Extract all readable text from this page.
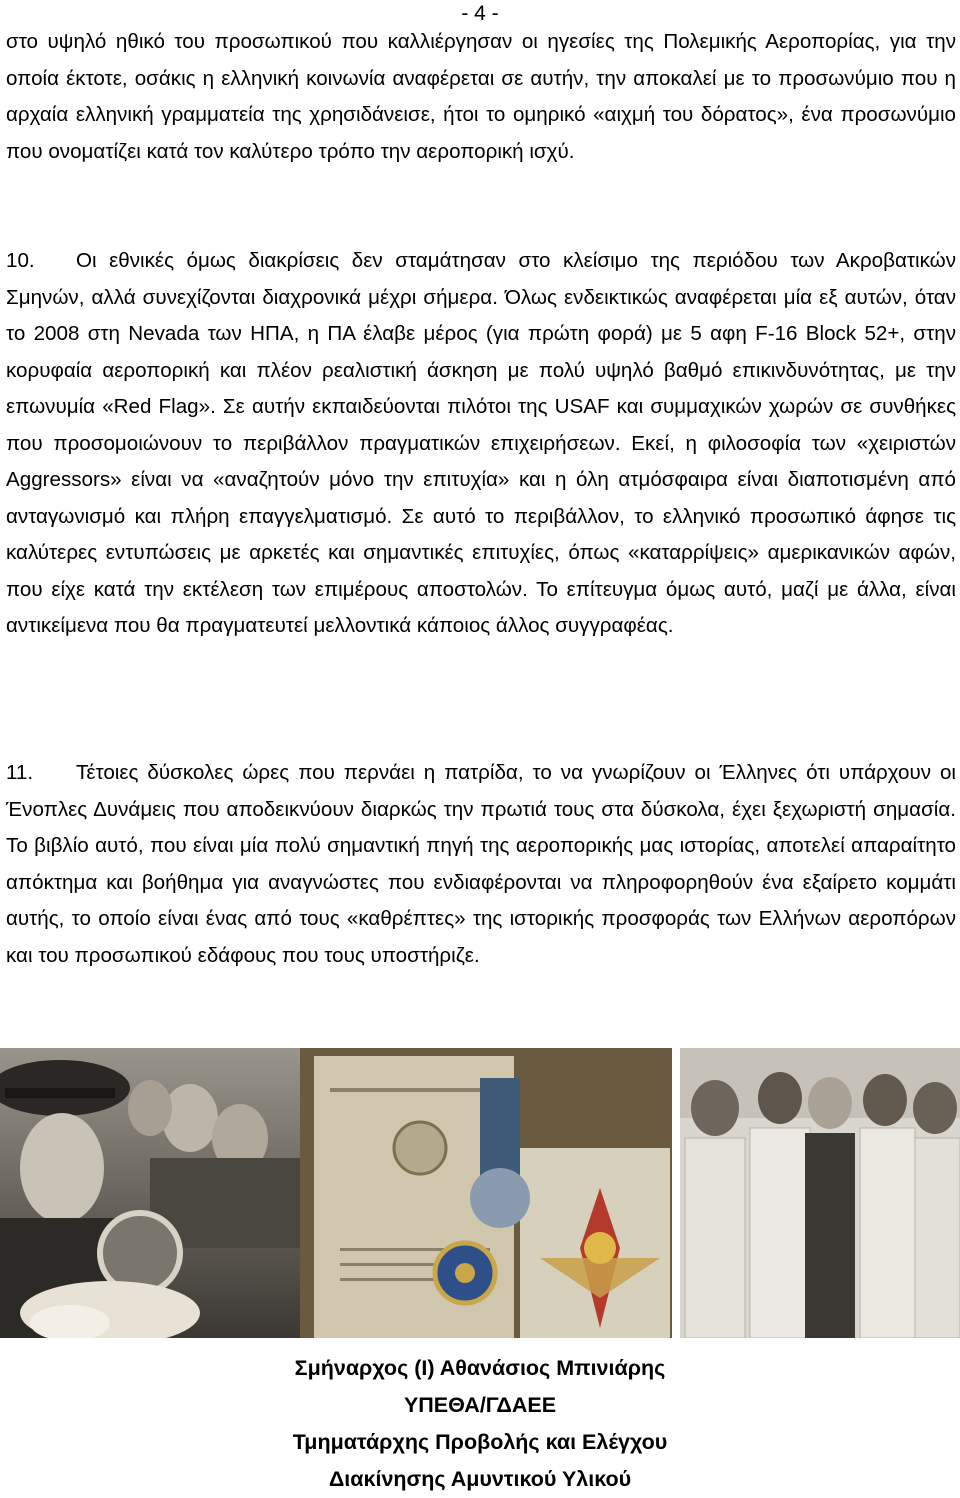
- 4 -

στο υψηλό ηθικό του προσωπικού που καλλιέργησαν οι ηγεσίες της Πολεμικής Αεροπορίας, για την οποία έκτοτε, οσάκις η ελληνική κοινωνία αναφέρεται σε αυτήν, την αποκαλεί με το προσωνύμιο που η αρχαία ελληνική γραμματεία της χρησιδάνεισε, ήτοι το ομηρικό «αιχμή του δόρατος», ένα προσωνύμιο που ονοματίζει κατά τον καλύτερο τρόπο την αεροπορική ισχύ.

10. Οι εθνικές όμως διακρίσεις δεν σταμάτησαν στο κλείσιμο της περιόδου των Ακροβατικών Σμηνών, αλλά συνεχίζονται διαχρονικά μέχρι σήμερα. Όλως ενδεικτικώς αναφέρεται μία εξ αυτών, όταν το 2008 στη Nevada των ΗΠΑ, η ΠΑ έλαβε μέρος (για πρώτη φορά) με 5 αφη F-16 Block 52+, στην κορυφαία αεροπορική και πλέον ρεαλιστική άσκηση με πολύ υψηλό βαθμό επικινδυνότητας, με την επωνυμία «Red Flag». Σε αυτήν εκπαιδεύονται πιλότοι της USAF και συμμαχικών χωρών σε συνθήκες που προσομοιώνουν το περιβάλλον πραγματικών επιχειρήσεων. Εκεί, η φιλοσοφία των «χειριστών Aggressors» είναι να «αναζητούν μόνο την επιτυχία» και η όλη ατμόσφαιρα είναι διαποτισμένη από ανταγωνισμό και πλήρη επαγγελματισμό. Σε αυτό το περιβάλλον, το ελληνικό προσωπικό άφησε τις καλύτερες εντυπώσεις με αρκετές και σημαντικές επιτυχίες, όπως «καταρρίψεις» αμερικανικών αφών, που είχε κατά την εκτέλεση των επιμέρους αποστολών. Το επίτευγμα όμως αυτό, μαζί με άλλα, είναι αντικείμενα που θα πραγματευτεί μελλοντικά κάποιος άλλος συγγραφέας.

11. Τέτοιες δύσκολες ώρες που περνάει η πατρίδα, το να γνωρίζουν οι Έλληνες ότι υπάρχουν οι Ένοπλες Δυνάμεις που αποδεικνύουν διαρκώς την πρωτιά τους στα δύσκολα, έχει ξεχωριστή σημασία. Το βιβλίο αυτό, που είναι μία πολύ σημαντική πηγή της αεροπορικής μας ιστορίας, αποτελεί απαραίτητο απόκτημα και βοήθημα για αναγνώστες που ενδιαφέρονται να πληροφορηθούν ένα εξαίρετο κομμάτι αυτής, το οποίο είναι ένας από τους «καθρέπτες» της ιστορικής προσφοράς των Ελλήνων αεροπόρων και του προσωπικού εδάφους που τους υποστήριζε.

Σμήναρχος (Ι) Αθανάσιος Μπινιάρης
ΥΠΕΘΑ/ΓΔΑΕΕ
Τμηματάρχης Προβολής και Ελέγχου
Διακίνησης Αμυντικού Υλικού
